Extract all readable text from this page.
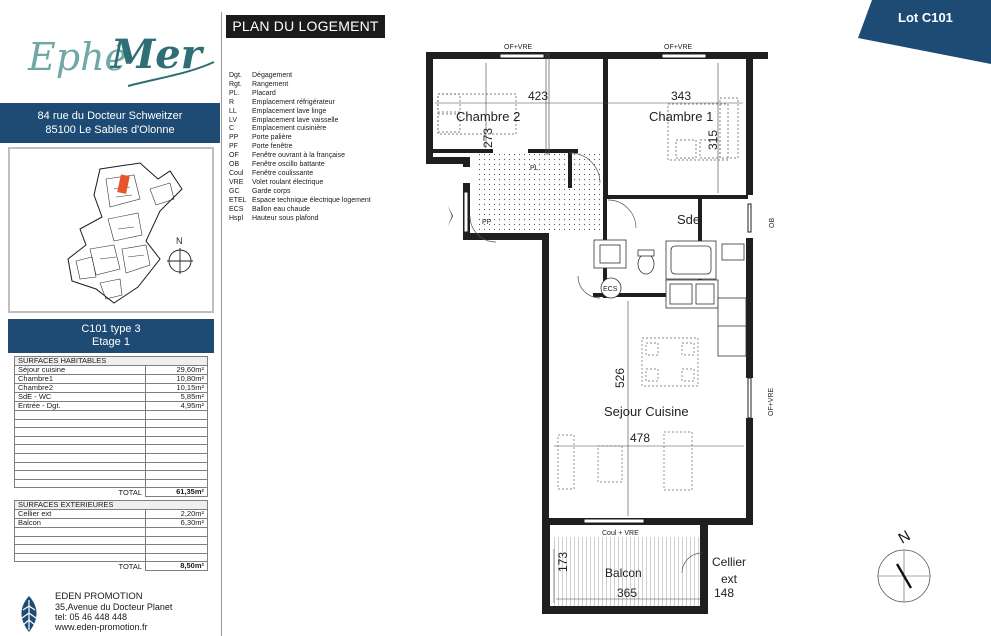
Ephé
Mer
84 rue du Docteur Schweitzer
85100 Le Sables d'Olonne
N
C101 type 3
Etage 1
SURFACES HABITABLES	
Séjour cuisine	29,60m²
Chambre1	10,80m²
Chambre2	10,15m²
SdE - WC	5,85m²
Entrée - Dgt.	4,95m²

TOTAL	61,35m²
SURFACES EXTERIEURES	
Cellier ext	2,20m²
Balcon	6,30m²

TOTAL	8,50m²
EDEN PROMOTION
35,Avenue du Docteur Planet
tel: 05 46 448 448
www.eden-promotion.fr
PLAN DU LOGEMENT
Dgt.	Dégagement
Rgt.	Rangement
PL.	Placard
R	Emplacement réfrigérateur
LL	Emplacement lave linge
LV	Emplacement lave vaisselle
C	Emplacement cuisinière
PP	Porte palière
PF	Porte fenêtre
OF	Fenêtre ouvrant à la française
OB	Fenêtre oscillo battante
Coul	Fenêtre coulissante
VRE	Volet roulant électrique
GC	Garde corps
ETEL Espace technique électrique logement
ECS	Ballon eau chaude
Hspl	Hauteur sous plafond
Lot C101
Chambre 2	Chambre 1
Sde
Sejour Cuisine
Balcon
Cellier
ext
ECS
PL
PP
423	343
273	315
526
478
173
365	148
OF+VRE	OF+VRE
OB
OF+VRE
Coul + VRE	N
